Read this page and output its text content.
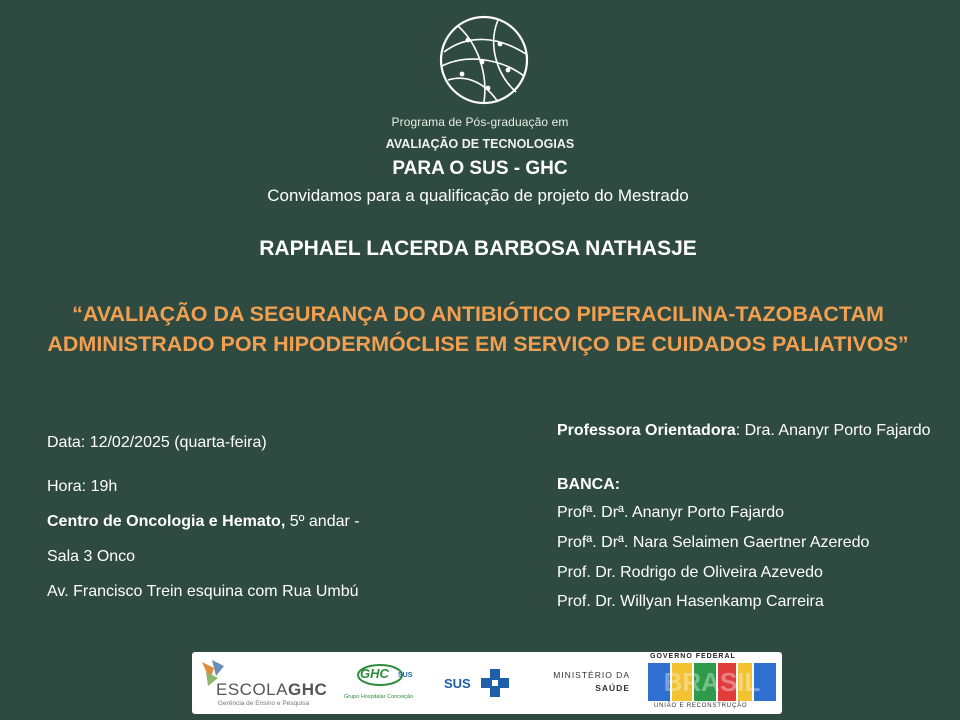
Programa de Pós-graduação em
AVALIAÇÃO DE TECNOLOGIAS
PARA O SUS - GHC
Convidamos para a qualificação de projeto do Mestrado
RAPHAEL LACERDA BARBOSA NATHASJE
“AVALIAÇÃO DA SEGURANÇA DO ANTIBIÓTICO PIPERACILINA-TAZOBACTAM ADMINISTRADO POR HIPODERMÓCLISE EM SERVIÇO DE CUIDADOS PALIATIVOS”

Data: 12/02/2025 (quarta-feira)

Hora: 19h

Centro de Oncologia e Hemato, 5º andar -

Sala 3 Onco

Av. Francisco Trein esquina com Rua Umbú

Professora Orientadora: Dra. Ananyr Porto Fajardo

BANCA:

Profª. Drª. Ananyr Porto Fajardo

Profª. Drª. Nara Selaimen Gaertner Azeredo

Prof. Dr. Rodrigo de Oliveira Azevedo

Prof. Dr. Willyan Hasenkamp Carreira

ESCOLAGHC
Gerência de Ensino e Pesquisa
GHC SUS
Grupo Hospitalar Conceição
SUS
MINISTÉRIO DA
SAÚDE
GOVERNO FEDERAL
BRASIL
UNIÃO E RECONSTRUÇÃO
